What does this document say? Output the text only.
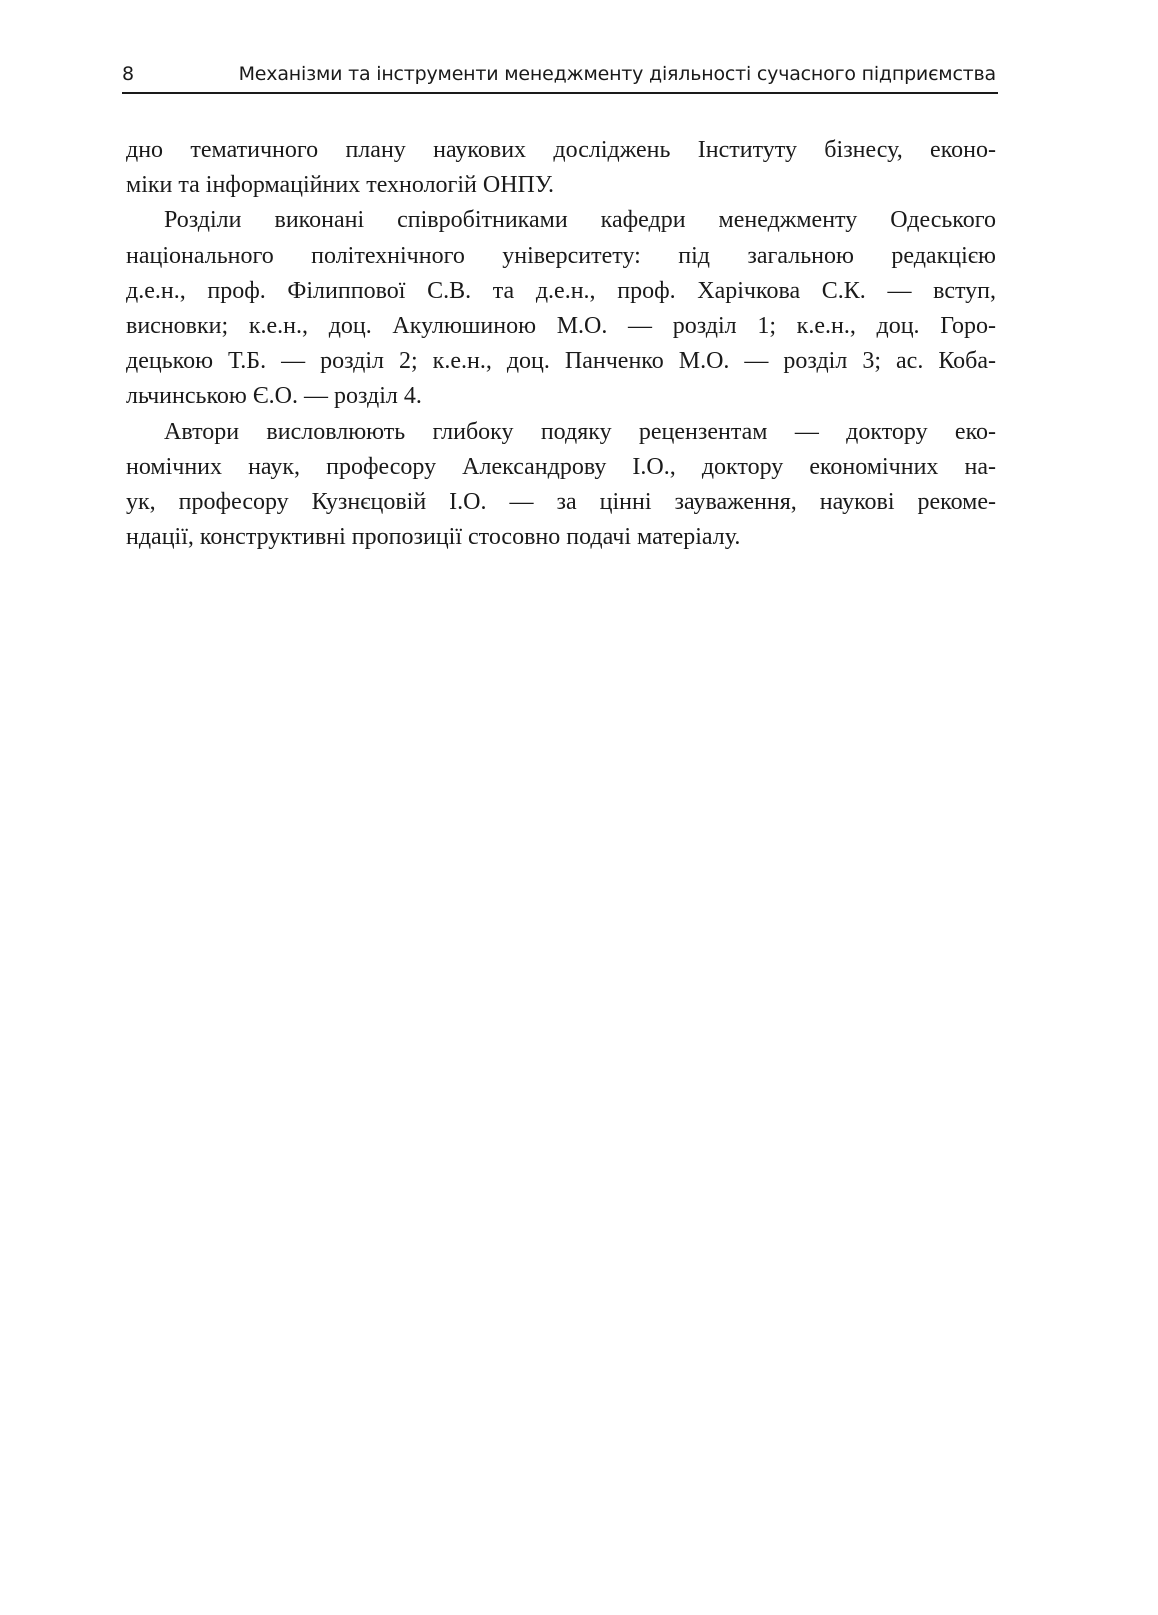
8	Механізми та інструменти менеджменту діяльності сучасного підприємства
дно тематичного плану наукових досліджень Інституту бізнесу, еконо-
міки та інформаційних технологій ОНПУ.
Розділи виконані співробітниками кафедри менеджменту Одеського
національного політехнічного університету: під загальною редакцією
д.е.н., проф. Філиппової С.В. та д.е.н., проф. Харічкова С.К. — вступ,
висновки; к.е.н., доц. Акулюшиною М.О. — розділ 1; к.е.н., доц. Горо-
децькою Т.Б. — розділ 2; к.е.н., доц. Панченко М.О. — розділ 3; ас. Коба-
льчинською Є.О. — розділ 4.
Автори висловлюють глибоку подяку рецензентам — доктору еко-
номічних наук, професору Александрову І.О., доктору економічних на-
ук, професору Кузнєцовій І.О. — за цінні зауваження, наукові рекоме-
ндації, конструктивні пропозиції стосовно подачі матеріалу.
